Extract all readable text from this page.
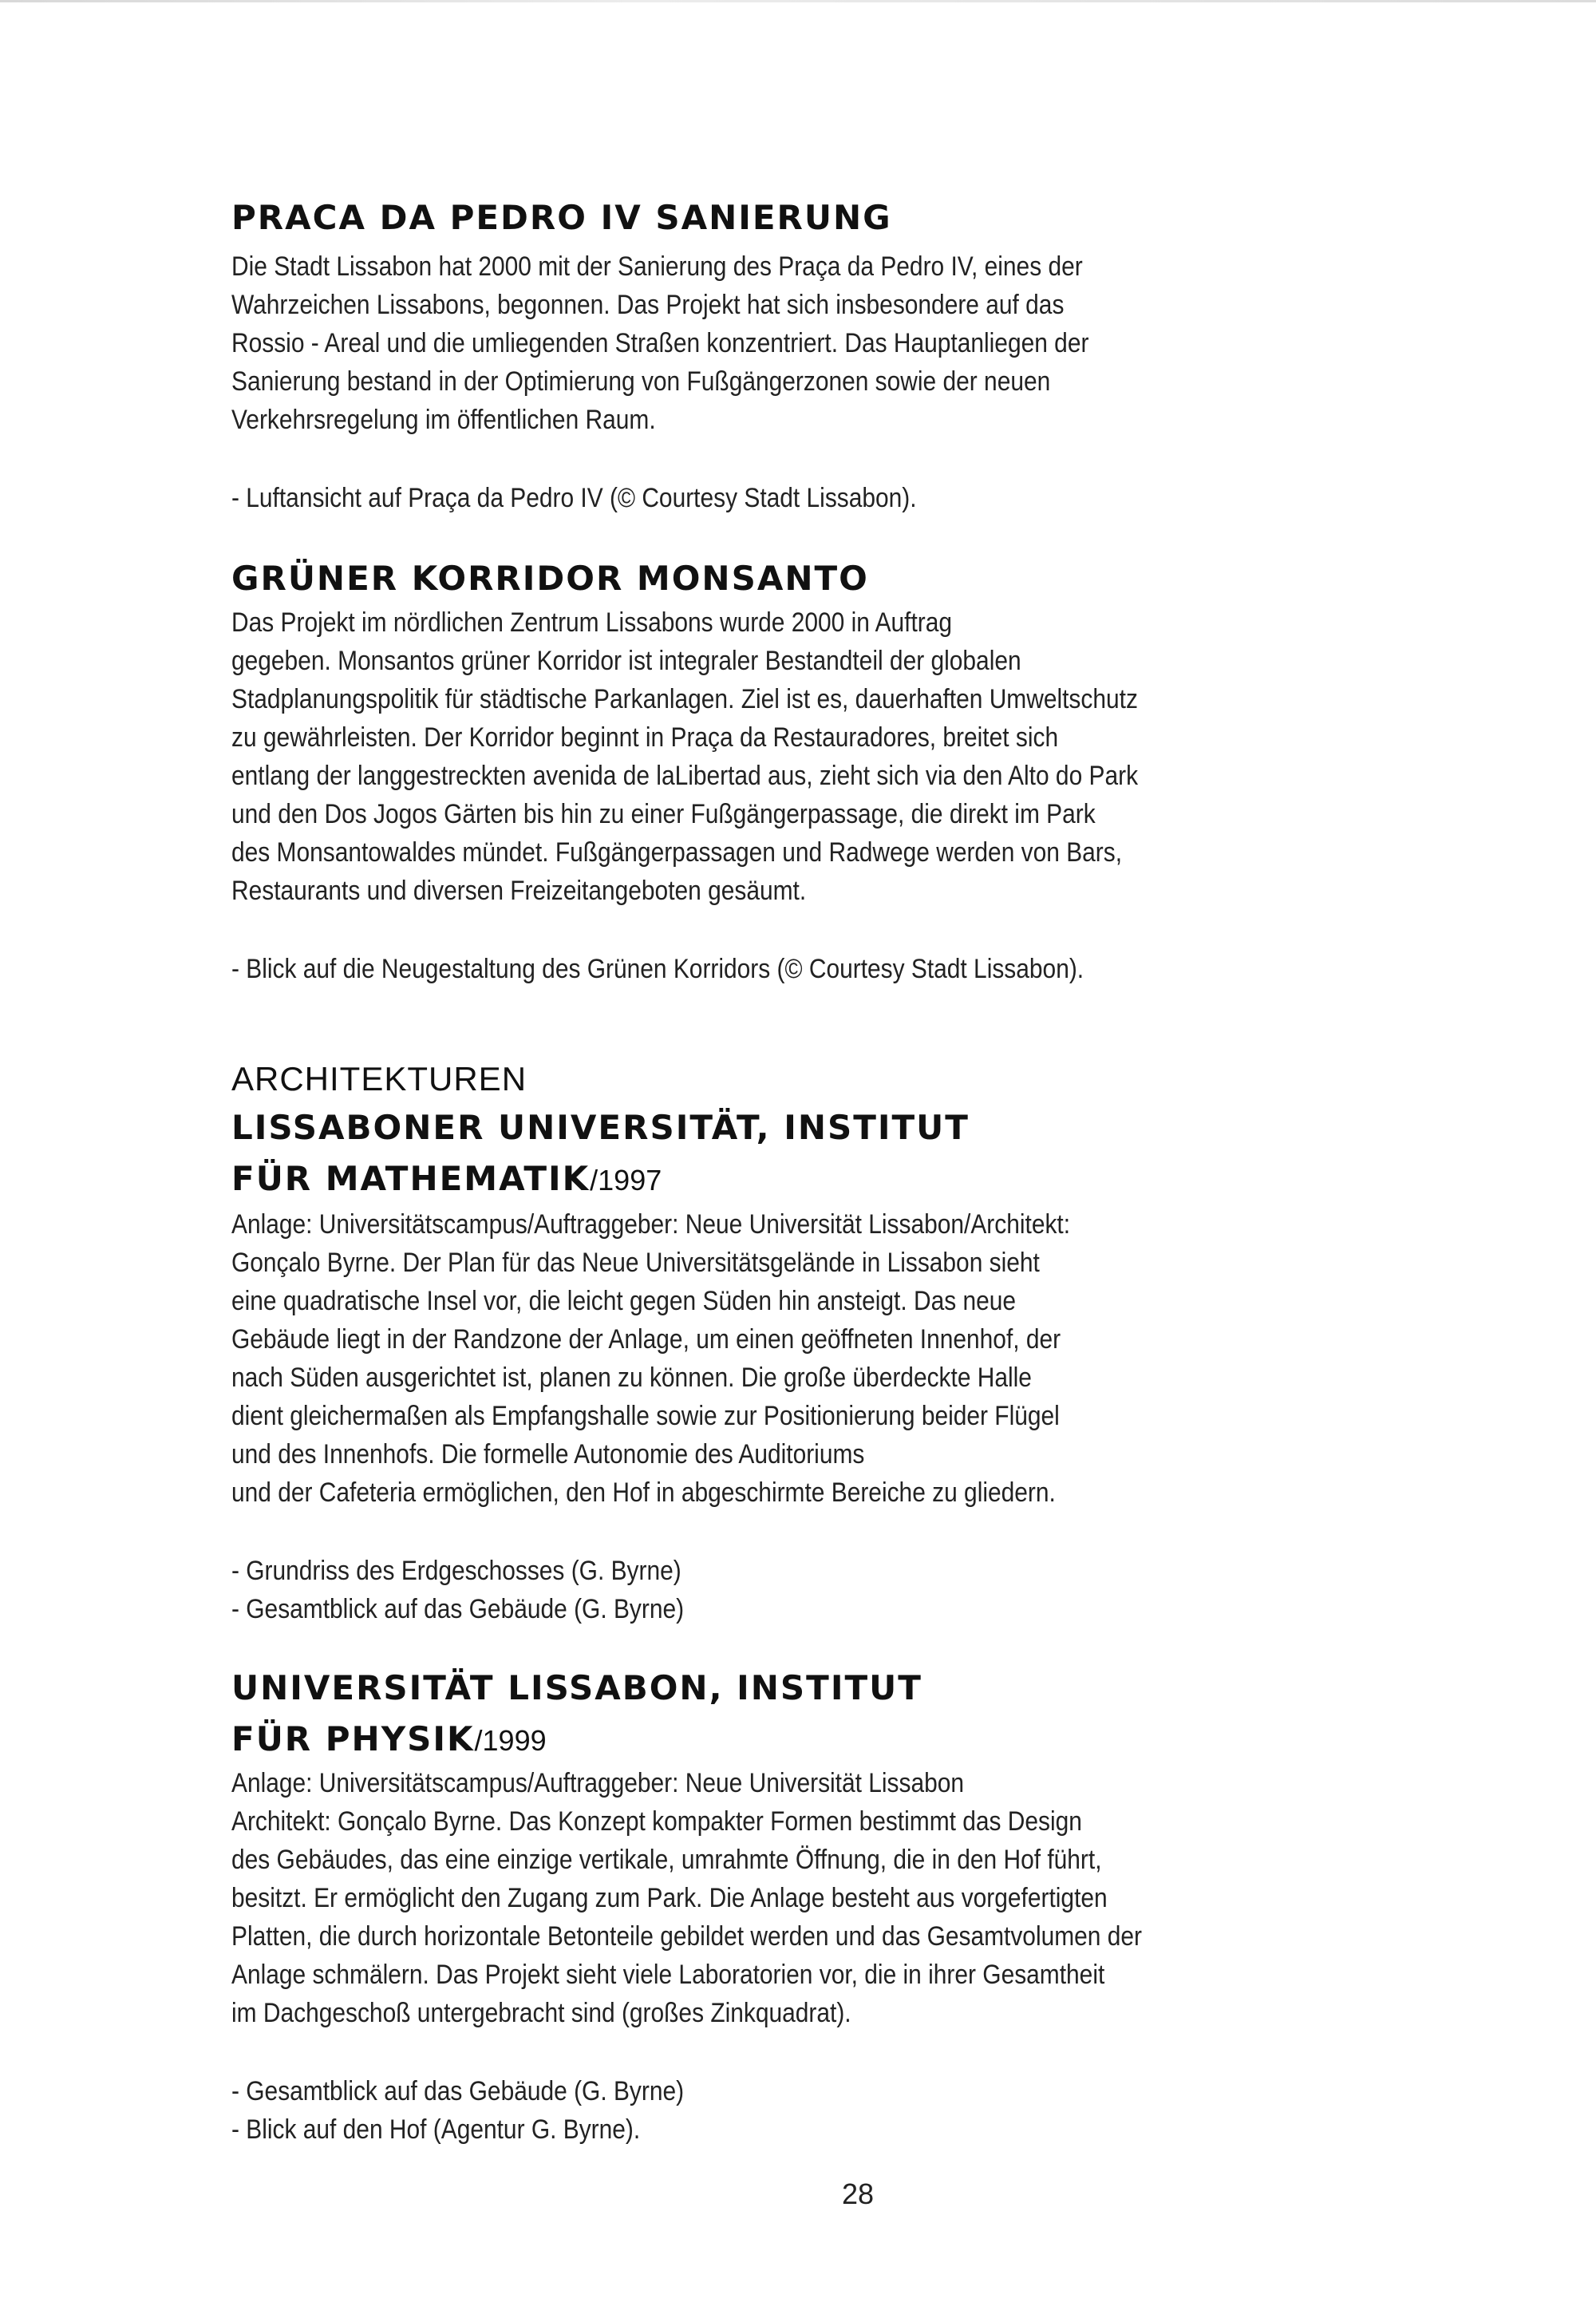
PRACA DA PEDRO IV SANIERUNG

Die Stadt Lissabon hat 2000 mit der Sanierung des Praça da Pedro IV, eines der

Wahrzeichen Lissabons, begonnen. Das Projekt hat sich insbesondere auf das

Rossio - Areal und die umliegenden Straßen konzentriert. Das Hauptanliegen der

Sanierung bestand in der Optimierung von Fußgängerzonen sowie der neuen

Verkehrsregelung im öffentlichen Raum.

- Luftansicht auf Praça da Pedro IV (© Courtesy Stadt Lissabon).

GRÜNER KORRIDOR MONSANTO

Das Projekt im nördlichen Zentrum Lissabons wurde 2000 in Auftrag

gegeben. Monsantos grüner Korridor ist integraler Bestandteil der globalen

Stadplanungspolitik für städtische Parkanlagen. Ziel ist es, dauerhaften Umweltschutz

zu gewährleisten. Der Korridor beginnt in Praça da Restauradores, breitet sich

entlang der langgestreckten avenida de laLibertad aus, zieht sich via den Alto do Park

und den Dos Jogos Gärten bis hin zu einer Fußgängerpassage, die direkt im Park

des Monsantowaldes mündet. Fußgängerpassagen und Radwege werden von Bars,

Restaurants und diversen Freizeitangeboten gesäumt.

- Blick auf die Neugestaltung des Grünen Korridors (© Courtesy Stadt Lissabon).

ARCHITEKTUREN
LISSABONER UNIVERSITÄT, INSTITUT
FÜR MATHEMATIK/1997

Anlage: Universitätscampus/Auftraggeber: Neue Universität Lissabon/Architekt:

Gonçalo Byrne. Der Plan für das Neue Universitätsgelände in Lissabon sieht

eine quadratische Insel vor, die leicht gegen Süden hin ansteigt. Das neue

Gebäude liegt in der Randzone der Anlage, um einen geöffneten Innenhof, der

nach Süden ausgerichtet ist, planen zu können. Die große überdeckte Halle

dient gleichermaßen als Empfangshalle sowie zur Positionierung beider Flügel

und des Innenhofs. Die formelle Autonomie des Auditoriums

und der Cafeteria ermöglichen, den Hof in abgeschirmte Bereiche zu gliedern.

- Grundriss des Erdgeschosses (G. Byrne)

- Gesamtblick auf das Gebäude (G. Byrne)

UNIVERSITÄT LISSABON, INSTITUT
FÜR PHYSIK/1999

Anlage: Universitätscampus/Auftraggeber: Neue Universität Lissabon

Architekt: Gonçalo Byrne. Das Konzept kompakter Formen bestimmt das Design

des Gebäudes, das eine einzige vertikale, umrahmte Öffnung, die in den Hof führt,

besitzt. Er ermöglicht den Zugang zum Park. Die Anlage besteht aus vorgefertigten

Platten, die durch horizontale Betonteile gebildet werden und das Gesamtvolumen der

Anlage schmälern. Das Projekt sieht viele Laboratorien vor, die in ihrer Gesamtheit

im Dachgeschoß untergebracht sind (großes Zinkquadrat).

- Gesamtblick auf das Gebäude (G. Byrne)

- Blick auf den Hof (Agentur G. Byrne).

28
